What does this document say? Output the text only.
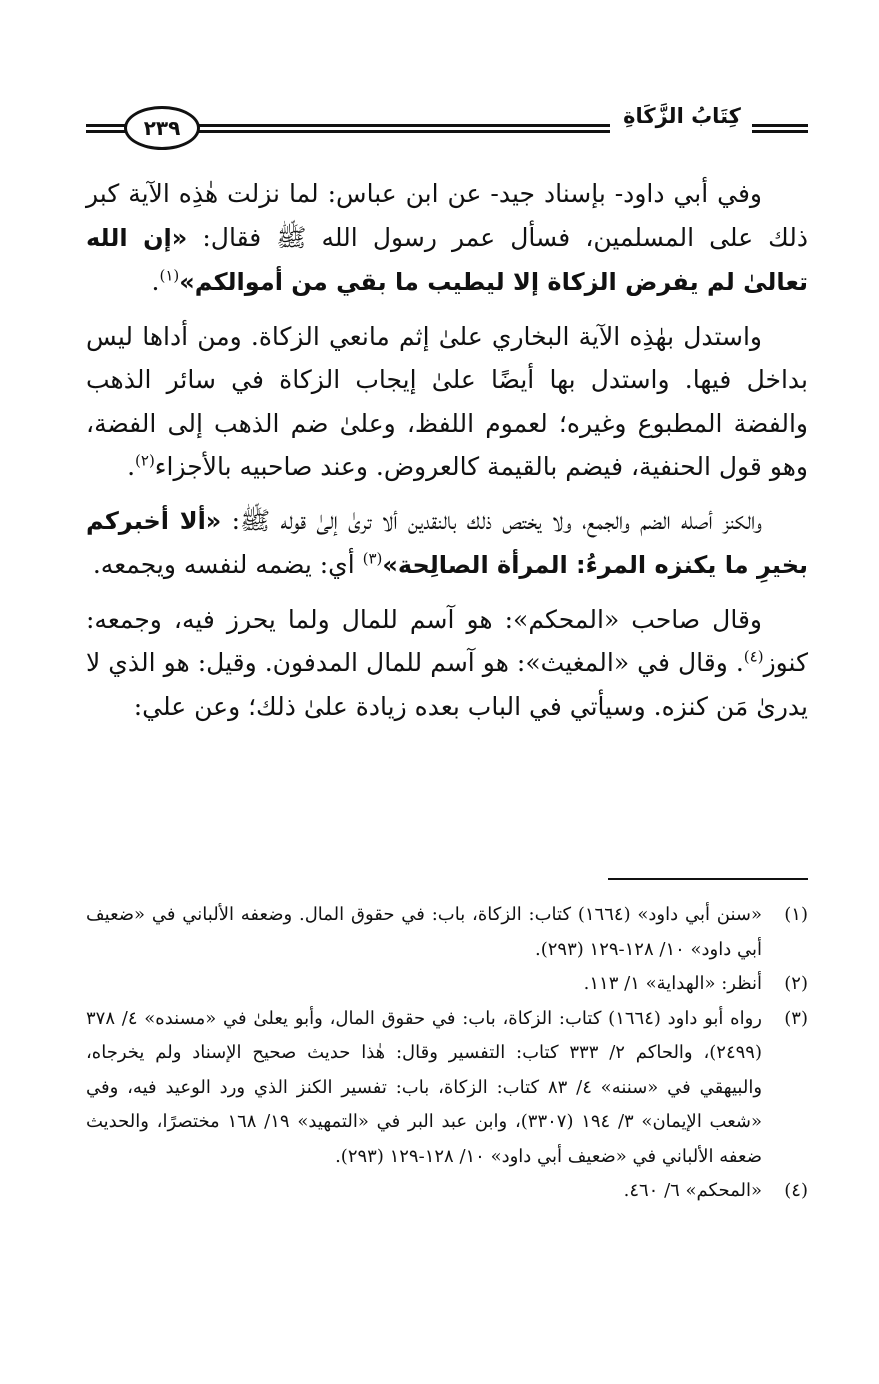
٢٣٩	كِتَابُ الزَّكَاةِ

وفي أبي داود- بإسناد جيد- عن ابن عباس: لما نزلت هٰذِه الآية كبر ذلك على المسلمين، فسأل عمر رسول الله ﷺ فقال: «إن الله تعالىٰ لم يفرض الزكاة إلا ليطيب ما بقي من أموالكم»$^{(١)}$.

واستدل بهٰذِه الآية البخاري علىٰ إثم مانعي الزكاة. ومن أداها ليس بداخل فيها. واستدل بها أيضًا علىٰ إيجاب الزكاة في سائر الذهب والفضة المطبوع وغيره؛ لعموم اللفظ، وعلىٰ ضم الذهب إلى الفضة، وهو قول الحنفية، فيضم بالقيمة كالعروض. وعند صاحبيه بالأجزاء$^{(٢)}$.

والكنز أصله الضم والجمع، ولا يختص ذلك بالنقدين ألا ترىٰ إلىٰ قوله ﷺ: «ألا أخبركم بخيرِ ما يكنزه المرءُ: المرأة الصالِحة»$^{(٣)}$ أي: يضمه لنفسه ويجمعه.

وقال صاحب «المحكم»: هو آسم للمال ولما يحرز فيه، وجمعه: كنوز$^{(٤)}$. وقال في «المغيث»: هو آسم للمال المدفون. وقيل: هو الذي لا يدرىٰ مَن كنزه. وسيأتي في الباب بعده زيادة علىٰ ذلك؛ وعن علي:

(١)
«سنن أبي داود» (١٦٦٤) كتاب: الزكاة، باب: في حقوق المال. وضعفه الألباني في «ضعيف أبي داود» ١٠/ ١٢٨-١٢٩ (٢٩٣).
(٢)
أنظر: «الهداية» ١/ ١١٣.
(٣)
رواه أبو داود (١٦٦٤) كتاب: الزكاة، باب: في حقوق المال، وأبو يعلىٰ في «مسنده» ٤/ ٣٧٨ (٢٤٩٩)، والحاكم ٢/ ٣٣٣ كتاب: التفسير وقال: هٰذا حديث صحيح الإسناد ولم يخرجاه، والبيهقي في «سننه» ٤/ ٨٣ كتاب: الزكاة، باب: تفسير الكنز الذي ورد الوعيد فيه، وفي «شعب الإيمان» ٣/ ١٩٤ (٣٣٠٧)، وابن عبد البر في «التمهيد» ١٩/ ١٦٨ مختصرًا، والحديث ضعفه الألباني في «ضعيف أبي داود» ١٠/ ١٢٨-١٢٩ (٢٩٣).
(٤)
«المحكم» ٦/ ٤٦٠.
